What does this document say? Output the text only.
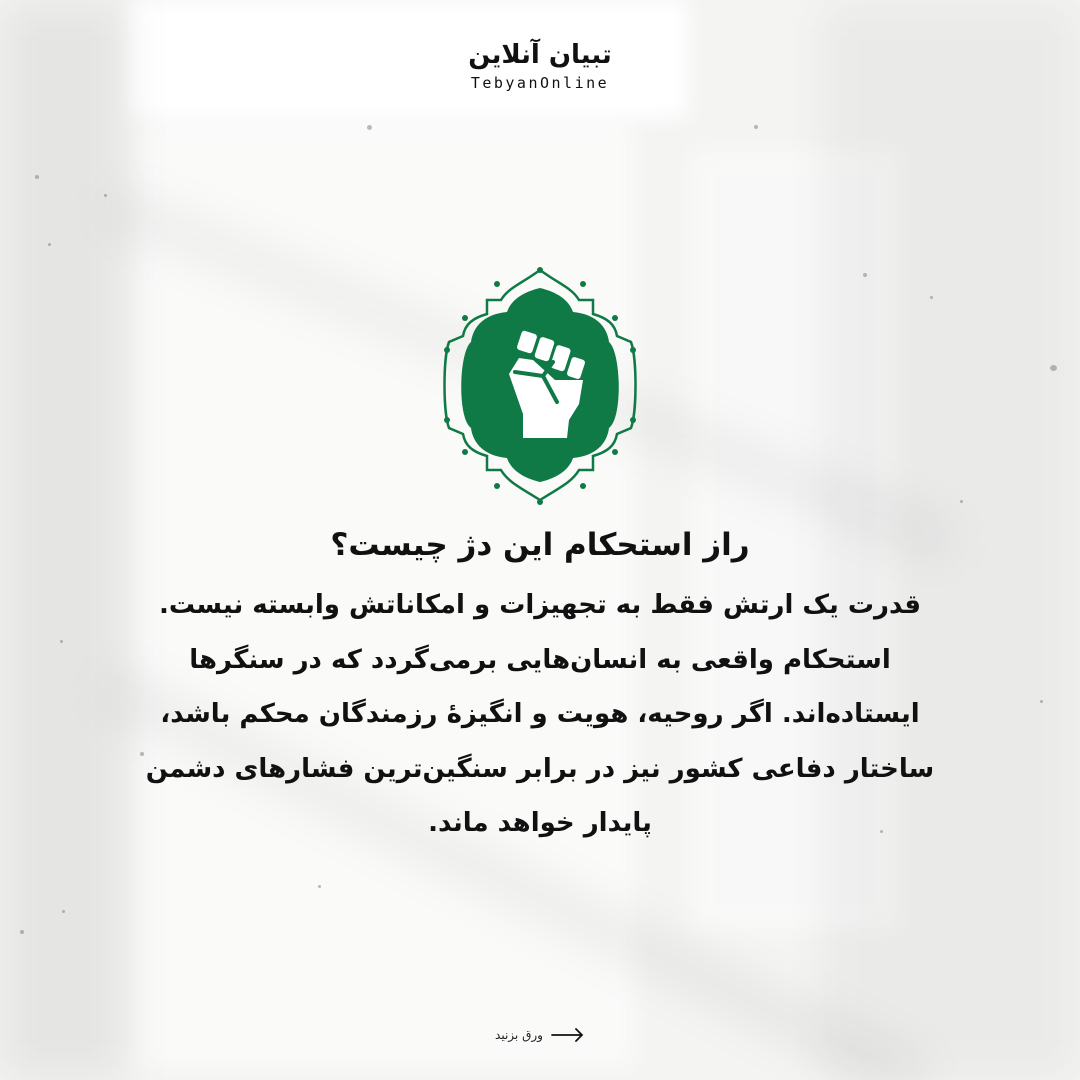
تبیان آنلاین
TebyanOnline
راز استحکام این دژ چیست؟
قدرت یک ارتش فقط به تجهیزات و امکاناتش وابسته نیست.
استحکام واقعی به انسان‌هایی برمی‌گردد که در سنگرها
ایستاده‌اند. اگر روحیه، هویت و انگیزهٔ رزمندگان محکم باشد،
ساختار دفاعی کشور نیز در برابر سنگین‌ترین فشارهای دشمن
پایدار خواهد ماند.
ورق بزنید
